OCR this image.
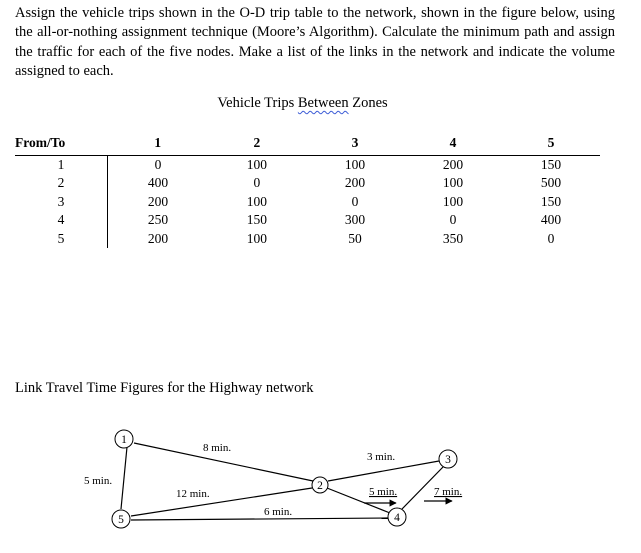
Assign the vehicle trips shown in the O-D trip table to the network, shown in the figure below, using the all-or-nothing assignment technique (Moore’s Algorithm). Calculate the minimum path and assign the traffic for each of the five nodes. Make a list of the links in the network and indicate the volume assigned to each.

Vehicle Trips Between Zones
From/To	1	2	3	4	5
1	0	100	100	200	150
2	400	0	200	100	500
3	200	100	0	100	150
4	250	150	300	0	400
5	200	100	50	350	0
Link Travel Time Figures for the Highway network
1
2
3
4
5
5 min.
8 min.
12 min.
6 min.
3 min.
5 min.	7 min.
